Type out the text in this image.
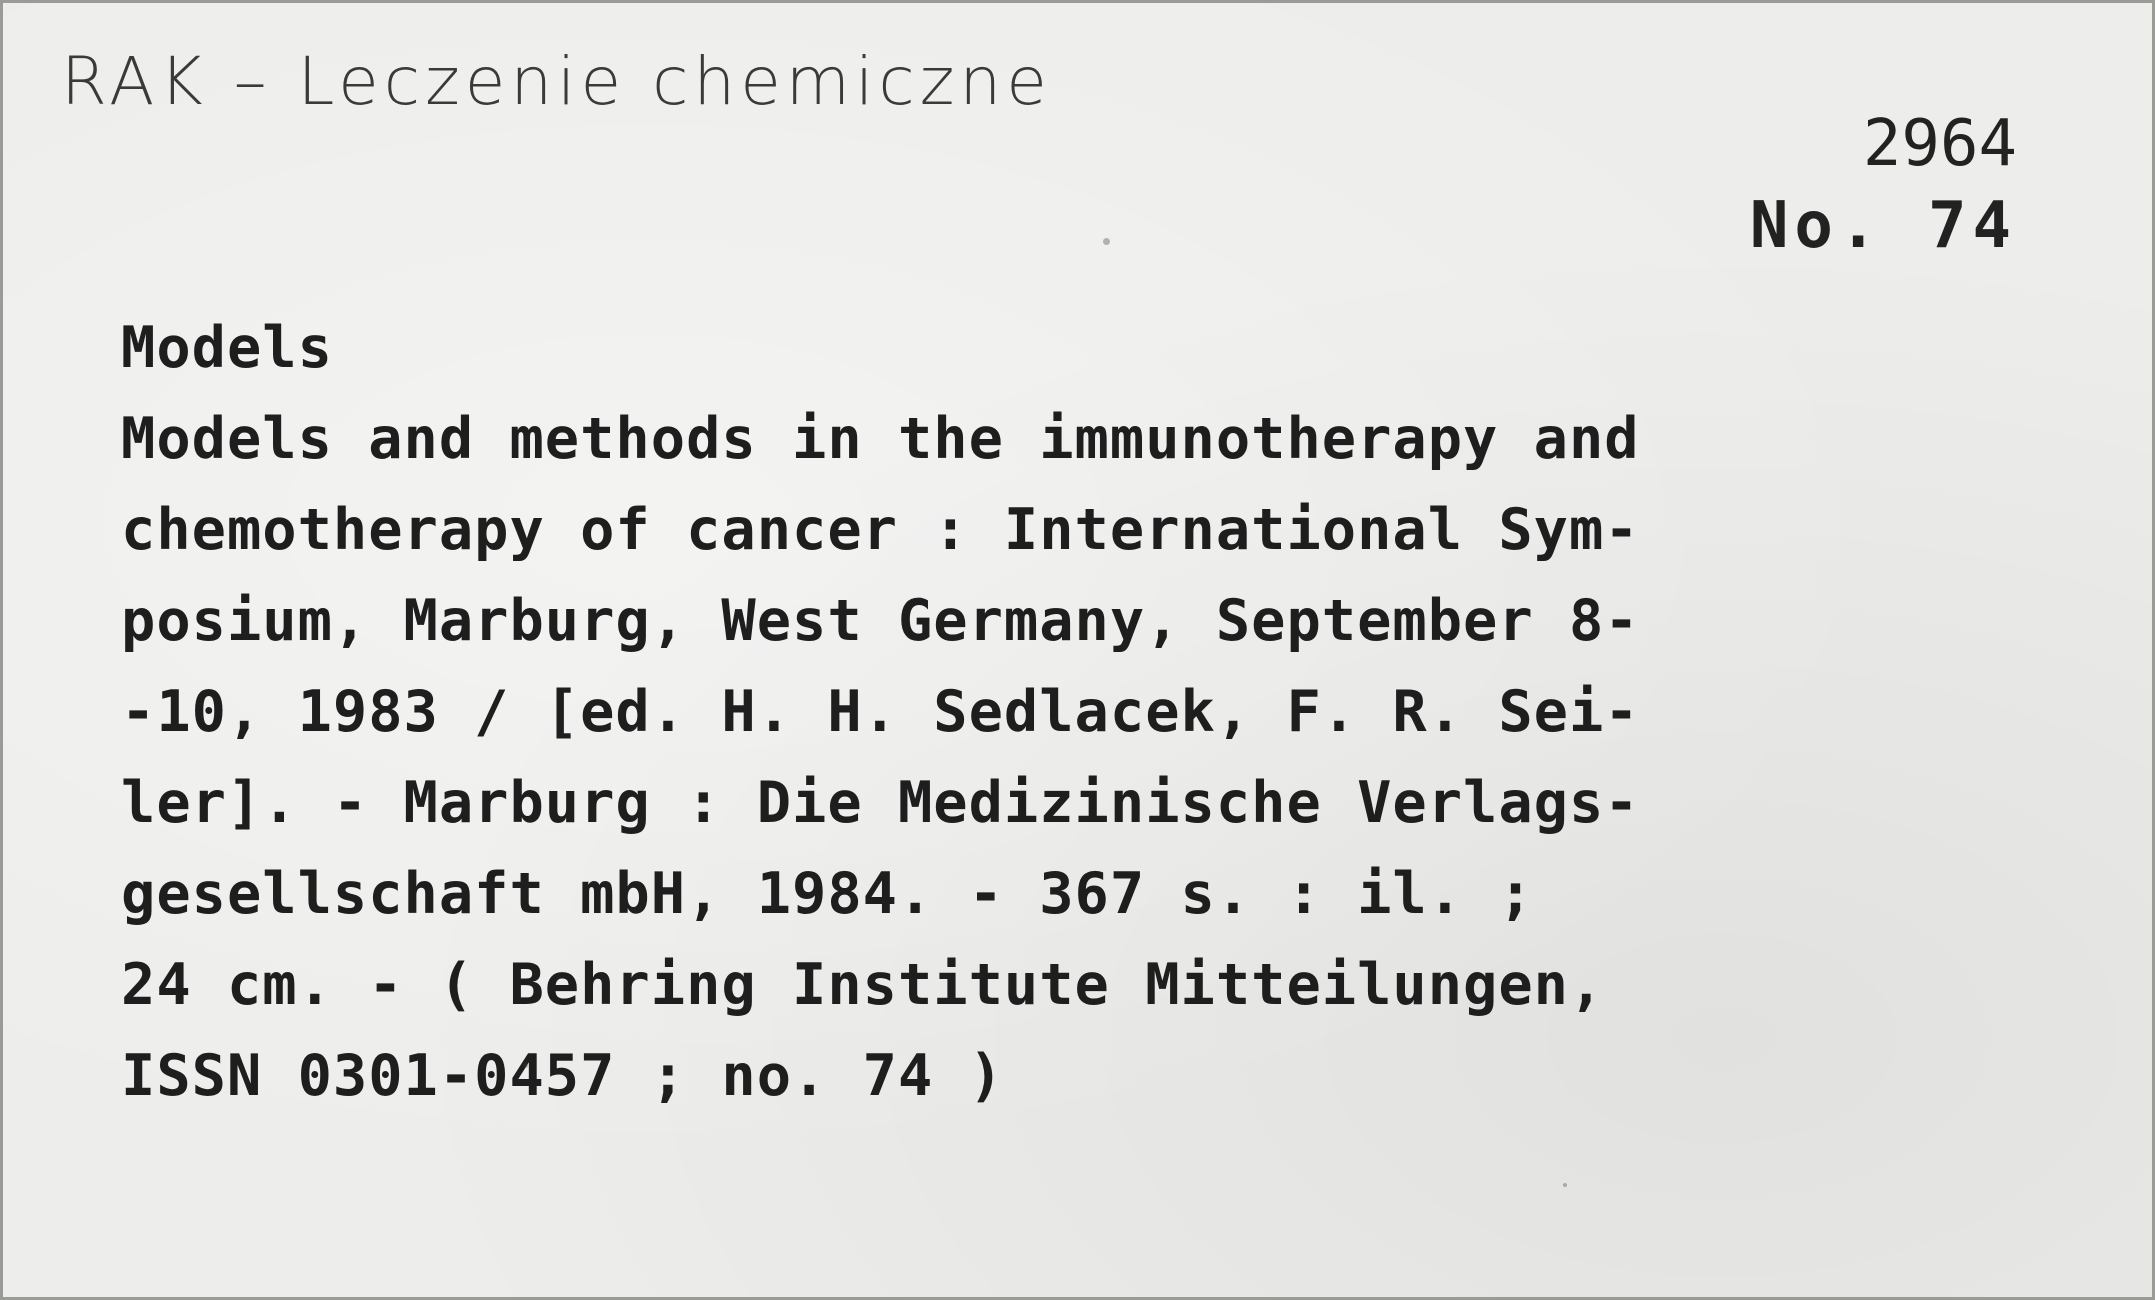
RAK – Leczenie chemiczne
2964
No. 74
Models
Models and methods in the immunotherapy and
chemotherapy of cancer : International Sym-
posium, Marburg, West Germany, September 8-
-10, 1983 / [ed. H. H. Sedlacek, F. R. Sei-
ler]. - Marburg : Die Medizinische Verlags-
gesellschaft mbH, 1984. - 367 s. : il. ;
24 cm. - ( Behring Institute Mitteilungen,
ISSN 0301-0457 ; no. 74 )
